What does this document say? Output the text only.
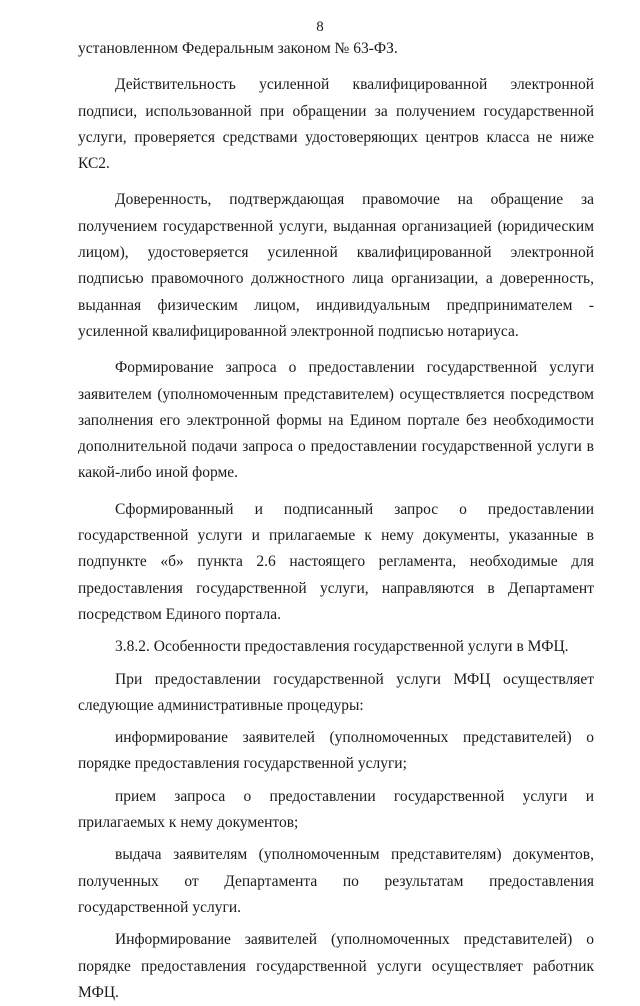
8

установленном Федеральным законом № 63-ФЗ.

Действительность усиленной квалифицированной электронной подписи, использованной при обращении за получением государственной услуги, проверяется средствами удостоверяющих центров класса не ниже КС2.

Доверенность, подтверждающая правомочие на обращение за получением государственной услуги, выданная организацией (юридическим лицом), удостоверяется усиленной квалифицированной электронной подписью правомочного должностного лица организации, а доверенность, выданная физическим лицом, индивидуальным предпринимателем - усиленной квалифицированной электронной подписью нотариуса.

Формирование запроса о предоставлении государственной услуги заявителем (уполномоченным представителем) осуществляется посредством заполнения его электронной формы на Едином портале без необходимости дополнительной подачи запроса о предоставлении государственной услуги в какой-либо иной форме.

Сформированный и подписанный запрос о предоставлении государственной услуги и прилагаемые к нему документы, указанные в подпункте «б» пункта 2.6 настоящего регламента, необходимые для предоставления государственной услуги, направляются в Департамент посредством Единого портала.

3.8.2. Особенности предоставления государственной услуги в МФЦ.

При предоставлении государственной услуги МФЦ осуществляет следующие административные процедуры:

информирование заявителей (уполномоченных представителей) о порядке предоставления государственной услуги;

прием запроса о предоставлении государственной услуги и прилагаемых к нему документов;

выдача заявителям (уполномоченным представителям) документов, полученных от Департамента по результатам предоставления государственной услуги.

Информирование заявителей (уполномоченных представителей) о порядке предоставления государственной услуги осуществляет работник МФЦ.
